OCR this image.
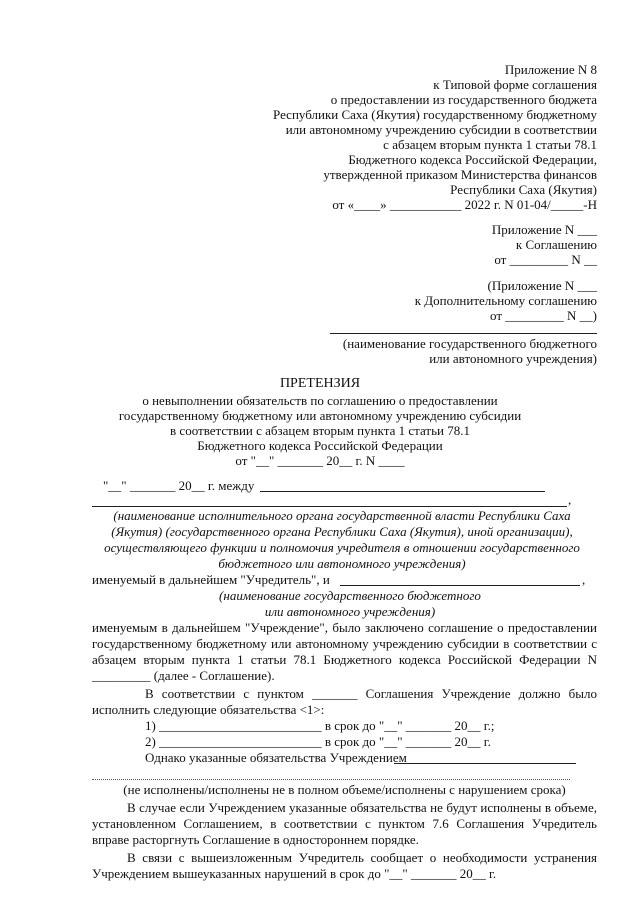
Приложение N 8
к Типовой форме соглашения
о предоставлении из государственного бюджета
Республики Саха (Якутия) государственному бюджетному
или автономному учреждению субсидии в соответствии
с абзацем вторым пункта 1 статьи 78.1
Бюджетного кодекса Российской Федерации,
утвержденной приказом Министерства финансов
Республики Саха (Якутия)
от «____» ___________ 2022 г. N 01-04/_____-Н
Приложение N ___
к Соглашению
от _________ N __
(Приложение N ___
к Дополнительному соглашению
от _________ N __)
(наименование государственного бюджетного
или автономного учреждения)
ПРЕТЕНЗИЯ
о невыполнении обязательств по соглашению о предоставлении
государственному бюджетному или автономному учреждению субсидии
в соответствии с абзацем вторым пункта 1 статьи 78.1
Бюджетного кодекса Российской Федерации
от "__" _______ 20__ г. N ____
"__" _______ 20__ г. между
,
(наименование исполнительного органа государственной власти Республики Саха
(Якутия) (государственного органа Республики Саха (Якутия), иной организации),
осуществляющего функции и полномочия учредителя в отношении государственного
бюджетного или автономного учреждения)
именуемый в дальнейшем "Учредитель", и	,
(наименование государственного бюджетного
или автономного учреждения)
именуемым в дальнейшем "Учреждение", было заключено соглашение о предоставлении государственному бюджетному или автономному учреждению субсидии в соответствии с абзацем вторым пункта 1 статьи 78.1 Бюджетного кодекса Российской Федерации N _________ (далее - Соглашение).
В соответствии с пунктом _______ Соглашения Учреждение должно было исполнить следующие обязательства <1>:
1) _________________________ в срок до "__" _______ 20__ г.;
2) _________________________ в срок до "__" _______ 20__ г.
Однако указанные обязательства Учреждением
(не исполнены/исполнены не в полном объеме/исполнены с нарушением срока)
В случае если Учреждением указанные обязательства не будут исполнены в объеме, установленном Соглашением, в соответствии с пунктом 7.6 Соглашения Учредитель вправе расторгнуть Соглашение в одностороннем порядке.
В связи с вышеизложенным Учредитель сообщает о необходимости устранения Учреждением вышеуказанных нарушений в срок до "__" _______ 20__ г.
